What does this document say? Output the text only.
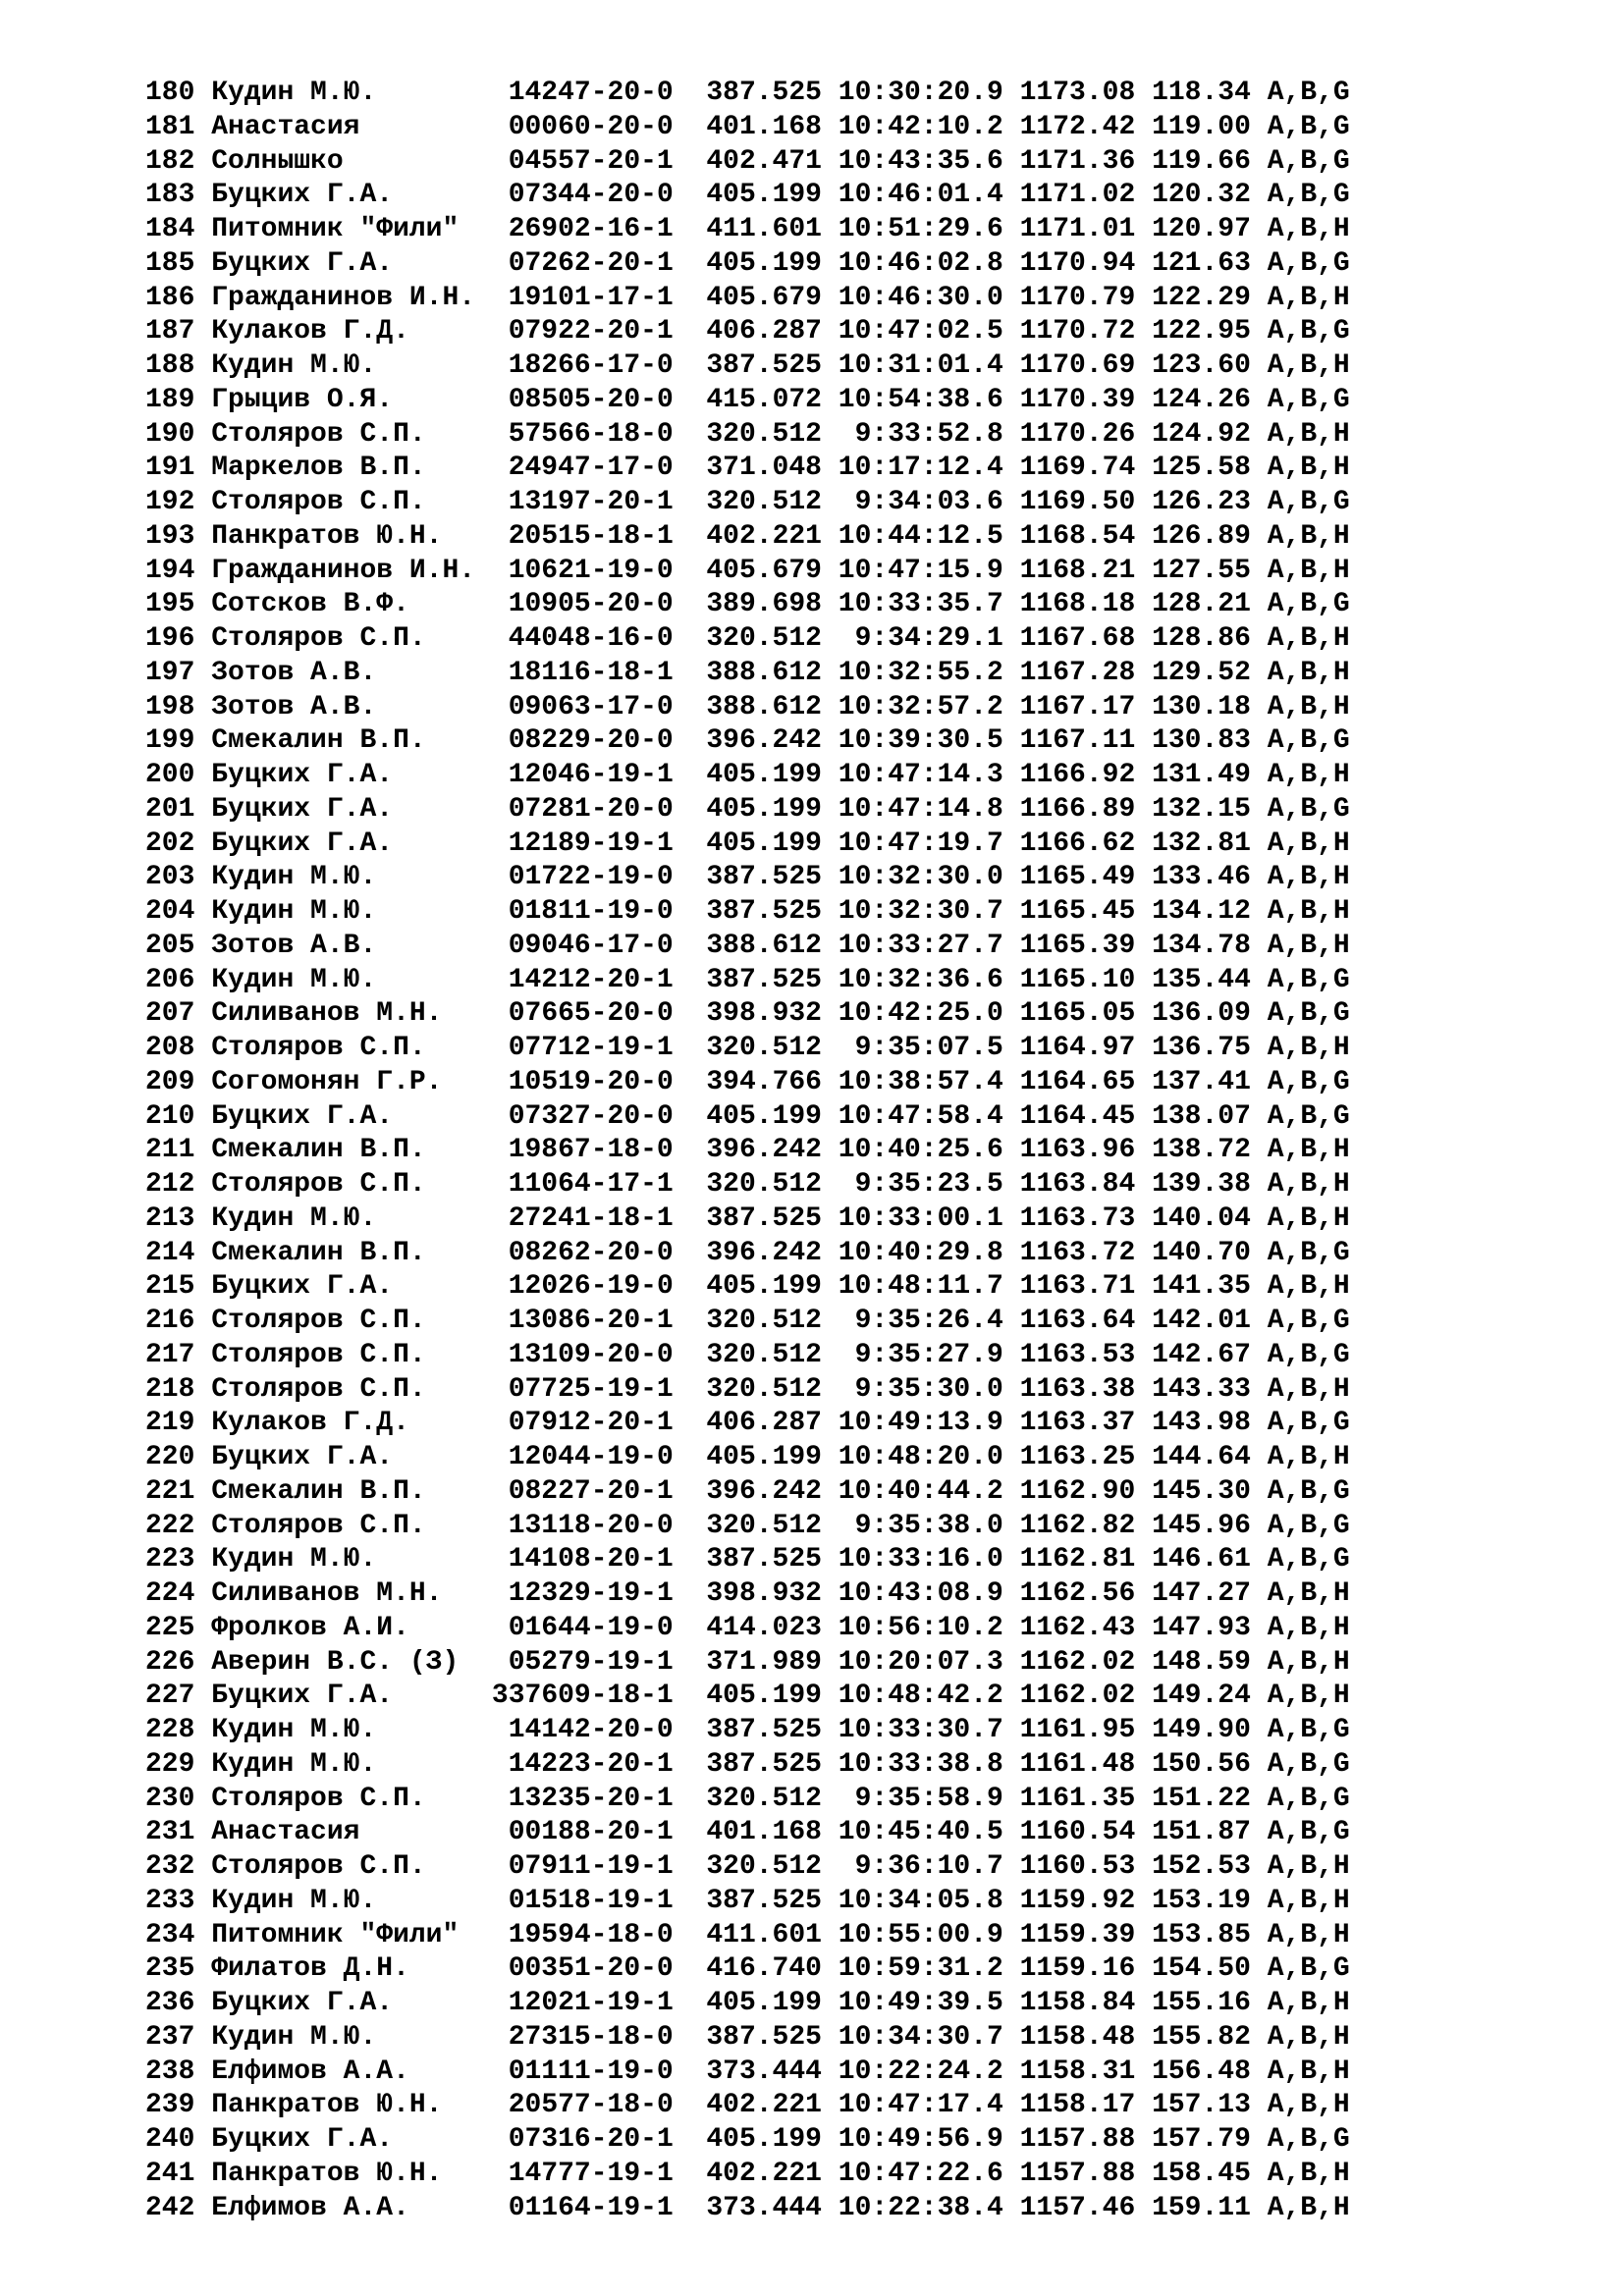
180 Кудин М.Ю.	14247-20-0 387.525 10:30:20.9 1173.08 118.34 A,B,G
181 Анастасия	00060-20-0 401.168 10:42:10.2 1172.42 119.00 A,B,G
182 Солнышко	04557-20-1 402.471 10:43:35.6 1171.36 119.66 A,B,G
183 Буцких Г.А.	07344-20-0 405.199 10:46:01.4 1171.02 120.32 A,B,G
184 Питомник "Фили" 26902-16-1 411.601 10:51:29.6 1171.01 120.97 A,B,H
185 Буцких Г.А.	07262-20-1 405.199 10:46:02.8 1170.94 121.63 A,B,G
186 Гражданинов И.Н. 19101-17-1 405.679 10:46:30.0 1170.79 122.29 A,B,H
187 Кулаков Г.Д.	07922-20-1 406.287 10:47:02.5 1170.72 122.95 A,B,G
188 Кудин М.Ю.	18266-17-0 387.525 10:31:01.4 1170.69 123.60 A,B,H
189 Грыцив О.Я.	08505-20-0 415.072 10:54:38.6 1170.39 124.26 A,B,G
190 Столяров С.П.	57566-18-0 320.512 9:33:52.8 1170.26 124.92 A,B,H
191 Маркелов В.П.	24947-17-0 371.048 10:17:12.4 1169.74 125.58 A,B,H
192 Столяров С.П.	13197-20-1 320.512 9:34:03.6 1169.50 126.23 A,B,G
193 Панкратов Ю.Н. 20515-18-1 402.221 10:44:12.5 1168.54 126.89 A,B,H
194 Гражданинов И.Н. 10621-19-0 405.679 10:47:15.9 1168.21 127.55 A,B,H
195 Сотсков В.Ф.	10905-20-0 389.698 10:33:35.7 1168.18 128.21 A,B,G
196 Столяров С.П.	44048-16-0 320.512 9:34:29.1 1167.68 128.86 A,B,H
197 Зотов А.В.	18116-18-1 388.612 10:32:55.2 1167.28 129.52 A,B,H
198 Зотов А.В.	09063-17-0 388.612 10:32:57.2 1167.17 130.18 A,B,H
199 Смекалин В.П.	08229-20-0 396.242 10:39:30.5 1167.11 130.83 A,B,G
200 Буцких Г.А.	12046-19-1 405.199 10:47:14.3 1166.92 131.49 A,B,H
201 Буцких Г.А.	07281-20-0 405.199 10:47:14.8 1166.89 132.15 A,B,G
202 Буцких Г.А.	12189-19-1 405.199 10:47:19.7 1166.62 132.81 A,B,H
203 Кудин М.Ю.	01722-19-0 387.525 10:32:30.0 1165.49 133.46 A,B,H
204 Кудин М.Ю.	01811-19-0 387.525 10:32:30.7 1165.45 134.12 A,B,H
205 Зотов А.В.	09046-17-0 388.612 10:33:27.7 1165.39 134.78 A,B,H
206 Кудин М.Ю.	14212-20-1 387.525 10:32:36.6 1165.10 135.44 A,B,G
207 Силиванов М.Н. 07665-20-0 398.932 10:42:25.0 1165.05 136.09 A,B,G
208 Столяров С.П.	07712-19-1 320.512 9:35:07.5 1164.97 136.75 A,B,H
209 Согомонян Г.Р. 10519-20-0 394.766 10:38:57.4 1164.65 137.41 A,B,G
210 Буцких Г.А.	07327-20-0 405.199 10:47:58.4 1164.45 138.07 A,B,G
211 Смекалин В.П.	19867-18-0 396.242 10:40:25.6 1163.96 138.72 A,B,H
212 Столяров С.П.	11064-17-1 320.512 9:35:23.5 1163.84 139.38 A,B,H
213 Кудин М.Ю.	27241-18-1 387.525 10:33:00.1 1163.73 140.04 A,B,H
214 Смекалин В.П.	08262-20-0 396.242 10:40:29.8 1163.72 140.70 A,B,G
215 Буцких Г.А.	12026-19-0 405.199 10:48:11.7 1163.71 141.35 A,B,H
216 Столяров С.П.	13086-20-1 320.512 9:35:26.4 1163.64 142.01 A,B,G
217 Столяров С.П.	13109-20-0 320.512 9:35:27.9 1163.53 142.67 A,B,G
218 Столяров С.П.	07725-19-1 320.512 9:35:30.0 1163.38 143.33 A,B,H
219 Кулаков Г.Д.	07912-20-1 406.287 10:49:13.9 1163.37 143.98 A,B,G
220 Буцких Г.А.	12044-19-0 405.199 10:48:20.0 1163.25 144.64 A,B,H
221 Смекалин В.П.	08227-20-1 396.242 10:40:44.2 1162.90 145.30 A,B,G
222 Столяров С.П.	13118-20-0 320.512 9:35:38.0 1162.82 145.96 A,B,G
223 Кудин М.Ю.	14108-20-1 387.525 10:33:16.0 1162.81 146.61 A,B,G
224 Силиванов М.Н. 12329-19-1 398.932 10:43:08.9 1162.56 147.27 A,B,H
225 Фролков А.И.	01644-19-0 414.023 10:56:10.2 1162.43 147.93 A,B,H
226 Аверин В.С. (З) 05279-19-1 371.989 10:20:07.3 1162.02 148.59 A,B,H
227 Буцких Г.А.	337609-18-1 405.199 10:48:42.2 1162.02 149.24 A,B,H
228 Кудин М.Ю.	14142-20-0 387.525 10:33:30.7 1161.95 149.90 A,B,G
229 Кудин М.Ю.	14223-20-1 387.525 10:33:38.8 1161.48 150.56 A,B,G
230 Столяров С.П.	13235-20-1 320.512 9:35:58.9 1161.35 151.22 A,B,G
231 Анастасия	00188-20-1 401.168 10:45:40.5 1160.54 151.87 A,B,G
232 Столяров С.П.	07911-19-1 320.512 9:36:10.7 1160.53 152.53 A,B,H
233 Кудин М.Ю.	01518-19-1 387.525 10:34:05.8 1159.92 153.19 A,B,H
234 Питомник "Фили" 19594-18-0 411.601 10:55:00.9 1159.39 153.85 A,B,H
235 Филатов Д.Н.	00351-20-0 416.740 10:59:31.2 1159.16 154.50 A,B,G
236 Буцких Г.А.	12021-19-1 405.199 10:49:39.5 1158.84 155.16 A,B,H
237 Кудин М.Ю.	27315-18-0 387.525 10:34:30.7 1158.48 155.82 A,B,H
238 Елфимов А.А.	01111-19-0 373.444 10:22:24.2 1158.31 156.48 A,B,H
239 Панкратов Ю.Н. 20577-18-0 402.221 10:47:17.4 1158.17 157.13 A,B,H
240 Буцких Г.А.	07316-20-1 405.199 10:49:56.9 1157.88 157.79 A,B,G
241 Панкратов Ю.Н. 14777-19-1 402.221 10:47:22.6 1157.88 158.45 A,B,H
242 Елфимов А.А.	01164-19-1 373.444 10:22:38.4 1157.46 159.11 A,B,H
